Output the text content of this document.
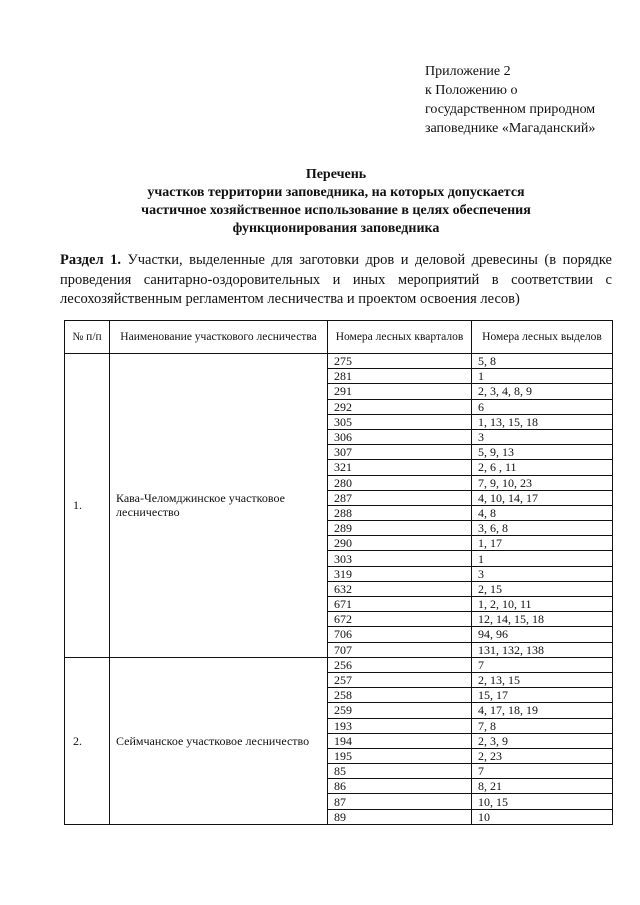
Приложение 2
к Положению о
государственном природном
заповеднике «Магаданский»
Перечень
участков территории заповедника, на которых допускается
частичное хозяйственное использование в целях обеспечения
функционирования заповедника
Раздел 1. Участки, выделенные для заготовки дров и деловой древесины (в порядке проведения санитарно-оздоровительных и иных мероприятий в соответствии с лесохозяйственным регламентом лесничества и проектом освоения лесов)
№ п/п	Наименование участкового лесничества	Номера лесных кварталов	Номера лесных выделов
1.	Кава-Челомджинское участковое лесничество	275	5, 8
		281	1
		291	2, 3, 4, 8, 9
		292	6
		305	1, 13, 15, 18
		306	3
		307	5, 9, 13
		321	2, 6 , 11
		280	7, 9, 10, 23
		287	4, 10, 14, 17
		288	4, 8
		289	3, 6, 8
		290	1, 17
		303	1
		319	3
		632	2, 15
		671	1, 2, 10, 11
		672	12, 14, 15, 18
		706	94, 96
		707	131, 132, 138
2.	Сеймчанское участковое лесничество	256	7
		257	2, 13, 15
		258	15, 17
		259	4, 17, 18, 19
		193	7, 8
		194	2, 3, 9
		195	2, 23
		85	7
		86	8, 21
		87	10, 15
		89	10
